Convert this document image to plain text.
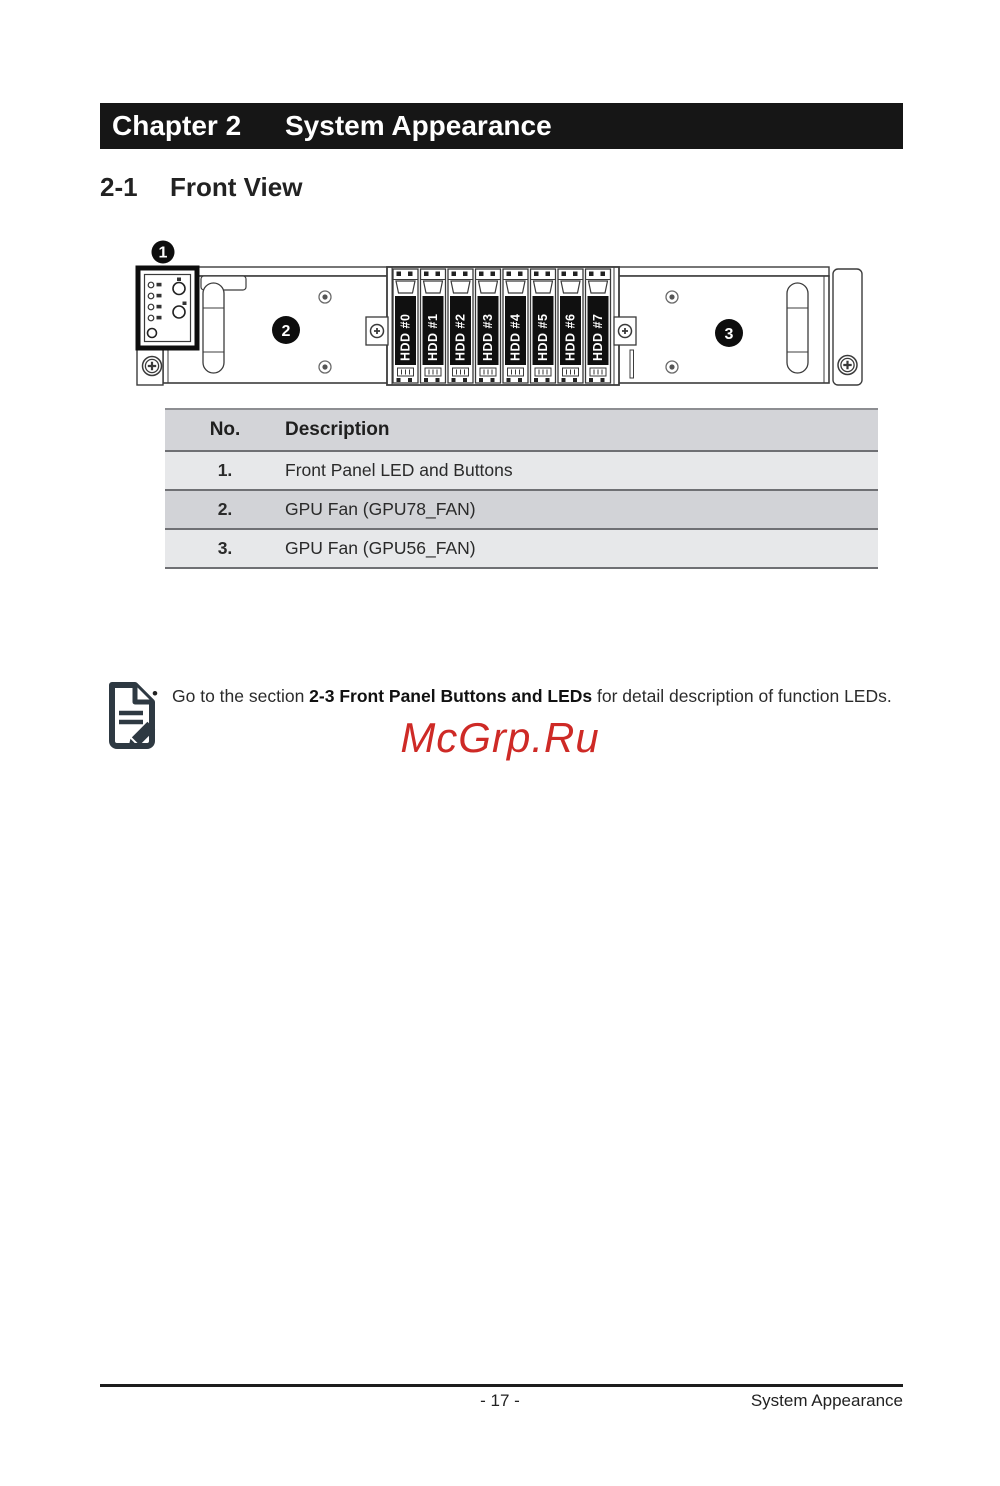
Chapter 2	System Appearance
2-1	Front View
HDD #0 HDD #1 HDD #2 HDD #3 HDD #4 HDD #5 HDD #6 HDD #7
1
2	3
No.	Description
1.	Front Panel LED and Buttons
2.	GPU Fan (GPU78_FAN)
3.	GPU Fan (GPU56_FAN)
• Go to the section 2-3 Front Panel Buttons and LEDs for detail description of function LEDs.

McGrp.Ru
- 17 -	System Appearance
